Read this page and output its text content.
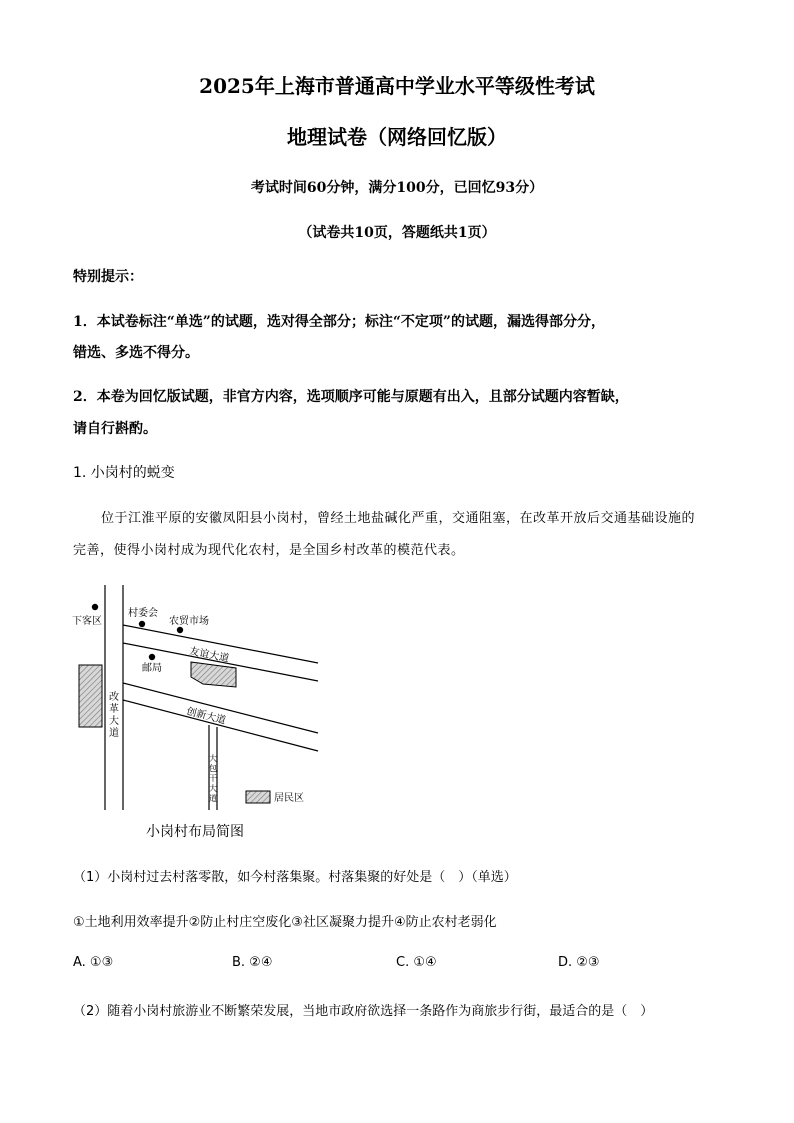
2025年上海市普通高中学业水平等级性考试
地理试卷（网络回忆版）
考试时间60分钟，满分100分，已回忆93分）
（试卷共10页，答题纸共1页）
特别提示：
1．本试卷标注“单选”的试题，选对得全部分；标注“不定项”的试题，漏选得部分分，
错选、多选不得分。
2．本卷为回忆版试题，非官方内容，选项顺序可能与原题有出入，且部分试题内容暂缺，
请自行斟酌。
1. 小岗村的蜕变
位于江淮平原的安徽凤阳县小岗村，曾经土地盐碱化严重，交通阻塞，在改革开放后交通基础设施的
完善，使得小岗村成为现代化农村，是全国乡村改革的模范代表。
下客区
村委会
农贸市场
友谊大道
邮局
创新大道
改
革
大
道
大
包
干
大
道	居民区
小岗村布局简图
（1）小岗村过去村落零散，如今村落集聚。村落集聚的好处是（　）（单选）
①土地利用效率提升②防止村庄空废化③社区凝聚力提升④防止农村老弱化
A. ①③	B. ②④	C. ①④	D. ②③
（2）随着小岗村旅游业不断繁荣发展，当地市政府欲选择一条路作为商旅步行街，最适合的是（　）
